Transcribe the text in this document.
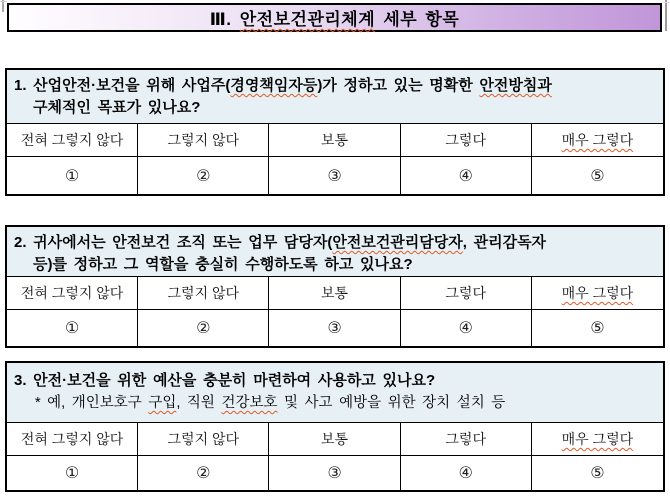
Ⅲ. 안전보건관리체계 세부 항목
1. 산업안전·보건을 위해 사업주(경영책임자등)가 정하고 있는 명확한 안전방침과
구체적인 목표가 있나요?
전혀 그렇지 않다	그렇지 않다	보통	그렇다	매우 그렇다
①	②	③	④	⑤
2. 귀사에서는 안전보건 조직 또는 업무 담당자(안전보건관리담당자, 관리감독자
등)를 정하고 그 역할을 충실히 수행하도록 하고 있나요?
전혀 그렇지 않다	그렇지 않다	보통	그렇다	매우 그렇다
①	②	③	④	⑤
3. 안전·보건을 위한 예산을 충분히 마련하여 사용하고 있나요?
* 예, 개인보호구 구입, 직원 건강보호 및 사고 예방을 위한 장치 설치 등
전혀 그렇지 않다	그렇지 않다	보통	그렇다	매우 그렇다
①	②	③	④	⑤
